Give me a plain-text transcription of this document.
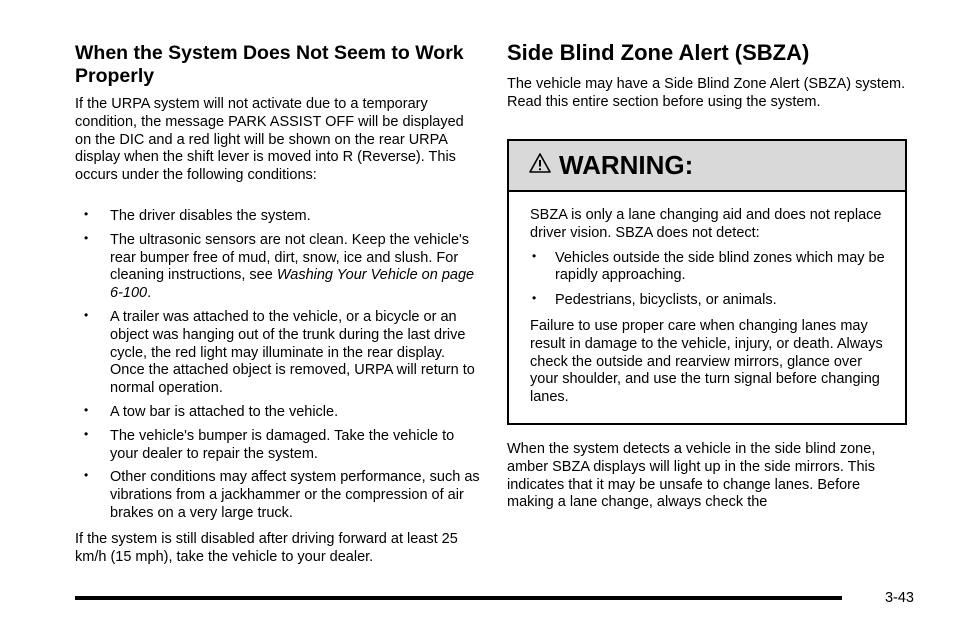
When the System Does Not Seem to Work Properly

If the URPA system will not activate due to a temporary condition, the message PARK ASSIST OFF will be displayed on the DIC and a red light will be shown on the rear URPA display when the shift lever is moved into R (Reverse). This occurs under the following conditions:

• The driver disables the system.
• The ultrasonic sensors are not clean. Keep the vehicle's rear bumper free of mud, dirt, snow, ice and slush. For cleaning instructions, see Washing Your Vehicle on page 6-100.
• A trailer was attached to the vehicle, or a bicycle or an object was hanging out of the trunk during the last drive cycle, the red light may illuminate in the rear display. Once the attached object is removed, URPA will return to normal operation.
• A tow bar is attached to the vehicle.
• The vehicle's bumper is damaged. Take the vehicle to your dealer to repair the system.
• Other conditions may affect system performance, such as vibrations from a jackhammer or the compression of air brakes on a very large truck.

If the system is still disabled after driving forward at least 25 km/h (15 mph), take the vehicle to your dealer.

Side Blind Zone Alert (SBZA)

The vehicle may have a Side Blind Zone Alert (SBZA) system. Read this entire section before using the system.

WARNING:

SBZA is only a lane changing aid and does not replace driver vision. SBZA does not detect:

• Vehicles outside the side blind zones which may be rapidly approaching.
• Pedestrians, bicyclists, or animals.

Failure to use proper care when changing lanes may result in damage to the vehicle, injury, or death. Always check the outside and rearview mirrors, glance over your shoulder, and use the turn signal before changing lanes.

When the system detects a vehicle in the side blind zone, amber SBZA displays will light up in the side mirrors. This indicates that it may be unsafe to change lanes. Before making a lane change, always check the

3-43
